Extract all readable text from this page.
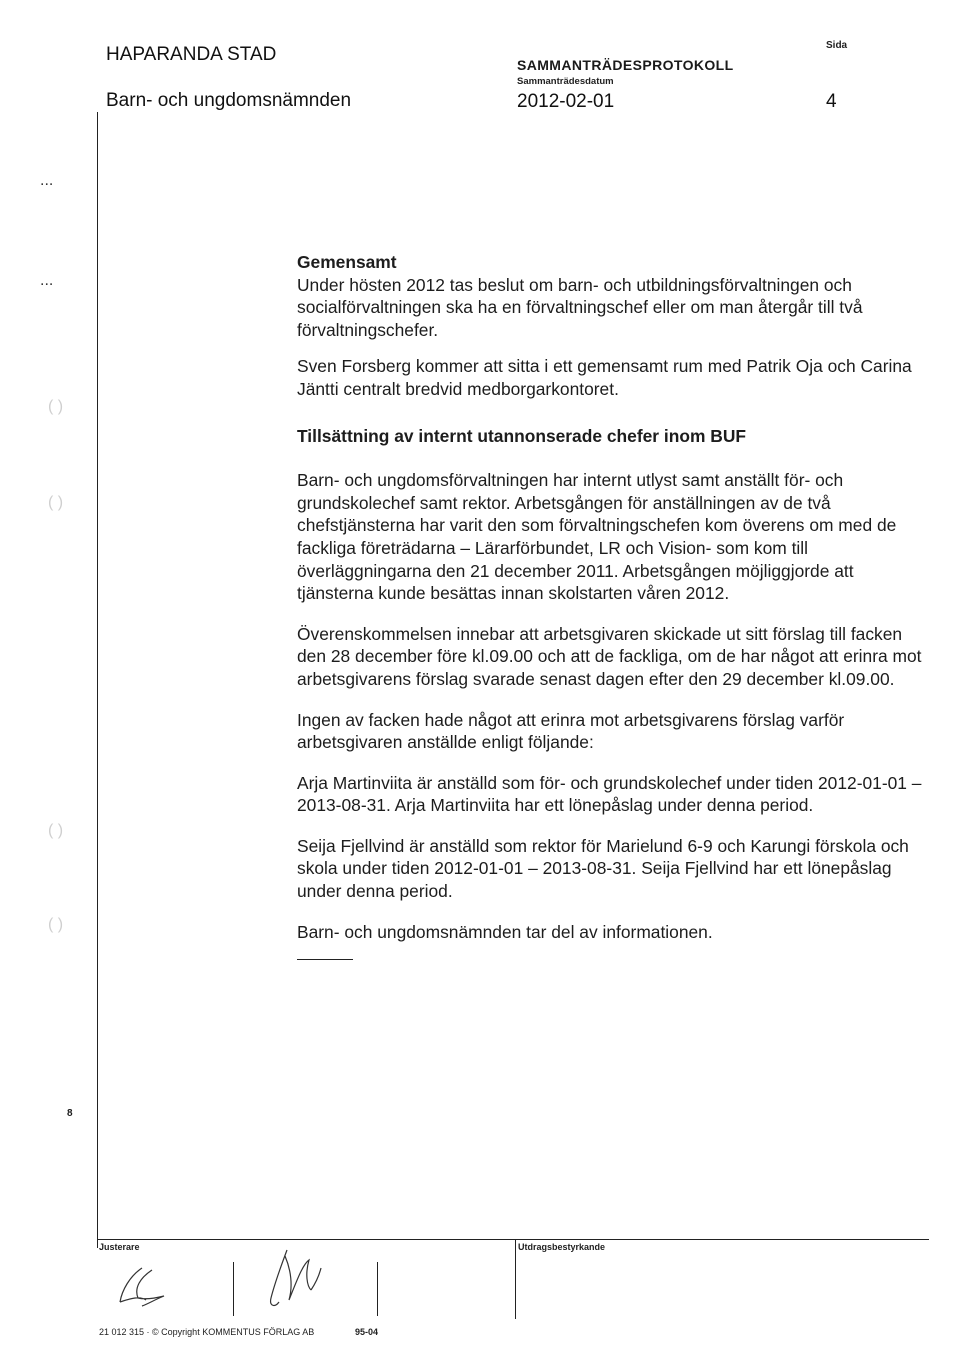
HAPARANDA STAD
Barn- och ungdomsnämnden
SAMMANTRÄDESPROTOKOLL
Sammanträdesdatum
2012-02-01
Sida
4
...
...
( )
( )
( )
( )
8

Gemensamt

Under hösten 2012 tas beslut om barn- och utbildningsförvaltningen och socialförvaltningen ska ha en förvaltningschef eller om man återgår till två förvaltningschefer.

Sven Forsberg kommer att sitta i ett gemensamt rum med Patrik Oja och Carina Jäntti centralt bredvid medborgarkontoret.

Tillsättning av internt utannonserade chefer inom BUF

Barn- och ungdomsförvaltningen har internt utlyst samt anställt för- och grundskolechef samt rektor. Arbetsgången för anställningen av de två chefstjänsterna har varit den som förvaltningschefen kom överens om med de fackliga företrädarna – Lärarförbundet, LR och Vision- som kom till överläggningarna den 21 december 2011. Arbetsgången möjliggjorde att tjänsterna kunde besättas innan skolstarten våren 2012.

Överenskommelsen innebar att arbetsgivaren skickade ut sitt förslag till facken den 28 december före kl.09.00 och att de fackliga, om de har något att erinra mot arbetsgivarens förslag svarade senast dagen efter den 29 december kl.09.00.

Ingen av facken hade något att erinra mot arbetsgivarens förslag varför arbetsgivaren anställde enligt följande:

Arja Martinviita är anställd som för- och grundskolechef under tiden 2012-01-01 – 2013-08-31. Arja Martinviita har ett lönepåslag under denna period.

Seija Fjellvind är anställd som rektor för Marielund 6-9 och Karungi förskola och skola under tiden 2012-01-01 – 2013-08-31. Seija Fjellvind har ett lönepåslag under denna period.

Barn- och ungdomsnämnden tar del av informationen.

Justerare	Utdragsbestyrkande
21 012 315 · © Copyright KOMMENTUS FÖRLAG AB	95-04
